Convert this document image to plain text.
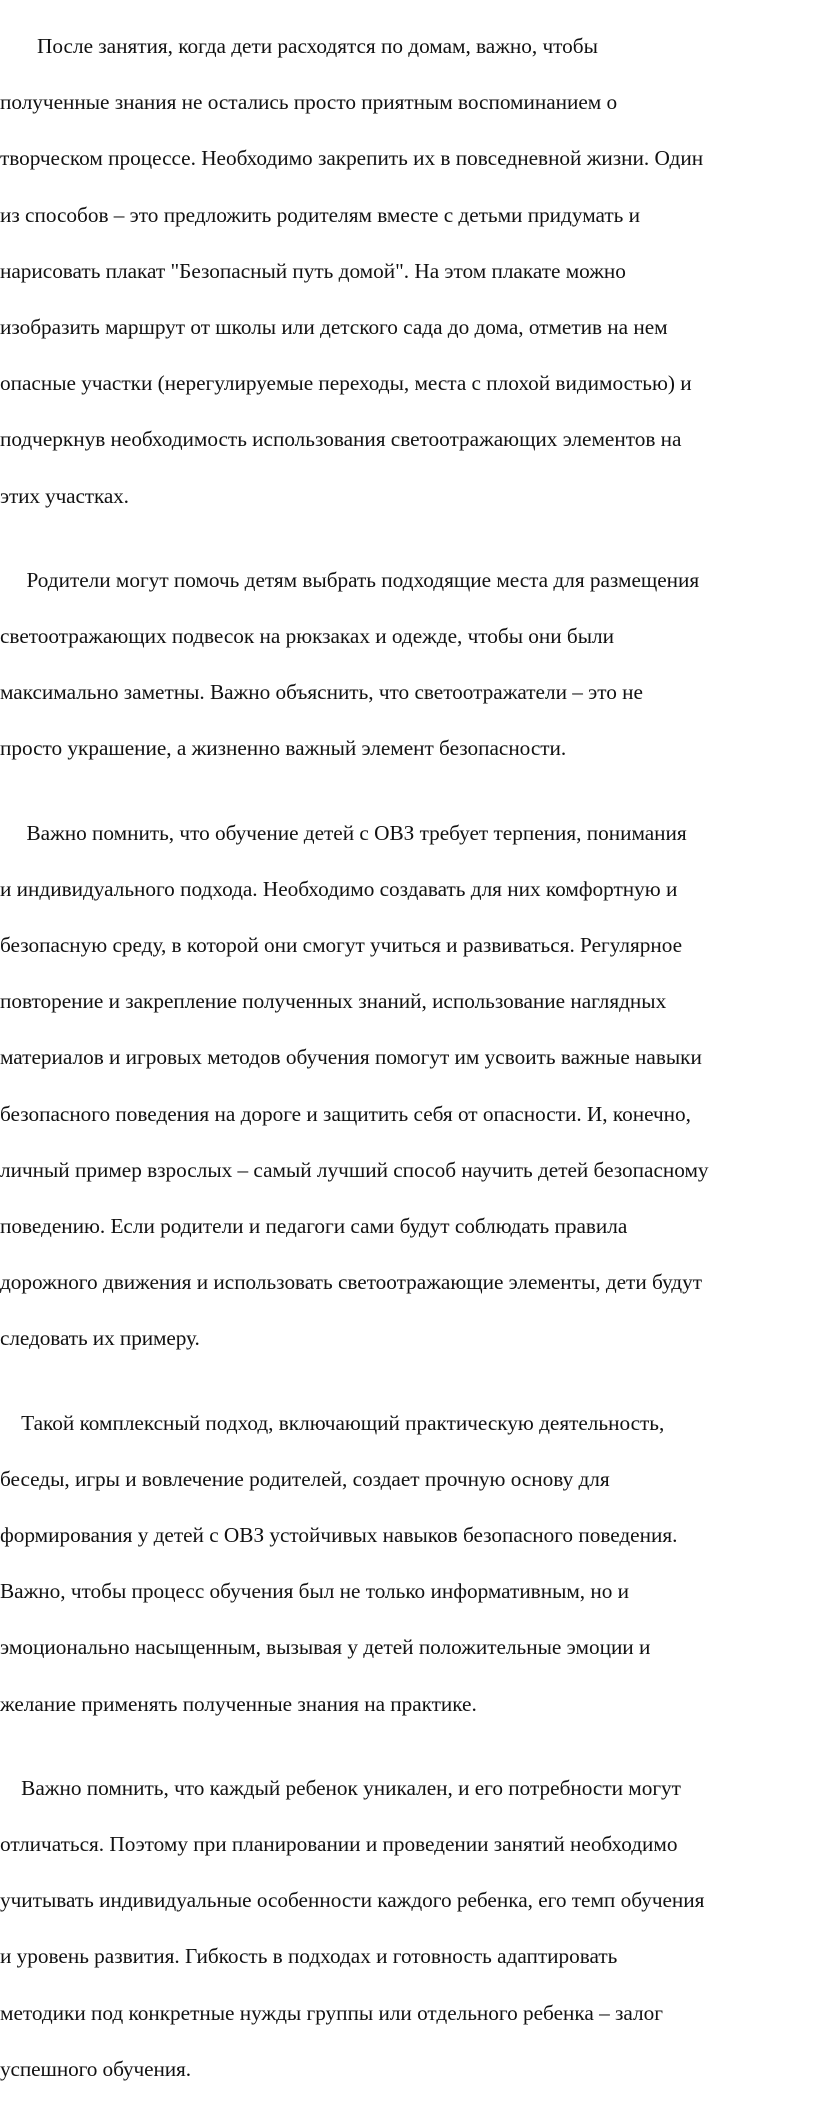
После занятия, когда дети расходятся по домам, важно, чтобы

полученные знания не остались просто приятным воспоминанием о

творческом процессе. Необходимо закрепить их в повседневной жизни. Один

из способов – это предложить родителям вместе с детьми придумать и

нарисовать плакат "Безопасный путь домой". На этом плакате можно

изобразить маршрут от школы или детского сада до дома, отметив на нем

опасные участки (нерегулируемые переходы, места с плохой видимостью) и

подчеркнув необходимость использования светоотражающих элементов на

этих участках.

Родители могут помочь детям выбрать подходящие места для размещения

светоотражающих подвесок на рюкзаках и одежде, чтобы они были

максимально заметны. Важно объяснить, что светоотражатели – это не

просто украшение, а жизненно важный элемент безопасности.

Важно помнить, что обучение детей с ОВЗ требует терпения, понимания

и индивидуального подхода. Необходимо создавать для них комфортную и

безопасную среду, в которой они смогут учиться и развиваться. Регулярное

повторение и закрепление полученных знаний, использование наглядных

материалов и игровых методов обучения помогут им усвоить важные навыки

безопасного поведения на дороге и защитить себя от опасности. И, конечно,

личный пример взрослых – самый лучший способ научить детей безопасному

поведению. Если родители и педагоги сами будут соблюдать правила

дорожного движения и использовать светоотражающие элементы, дети будут

следовать их примеру.

Такой комплексный подход, включающий практическую деятельность,

беседы, игры и вовлечение родителей, создает прочную основу для

формирования у детей с ОВЗ устойчивых навыков безопасного поведения.

Важно, чтобы процесс обучения был не только информативным, но и

эмоционально насыщенным, вызывая у детей положительные эмоции и

желание применять полученные знания на практике.

Важно помнить, что каждый ребенок уникален, и его потребности могут

отличаться. Поэтому при планировании и проведении занятий необходимо

учитывать индивидуальные особенности каждого ребенка, его темп обучения

и уровень развития. Гибкость в подходах и готовность адаптировать

методики под конкретные нужды группы или отдельного ребенка – залог

успешного обучения.
